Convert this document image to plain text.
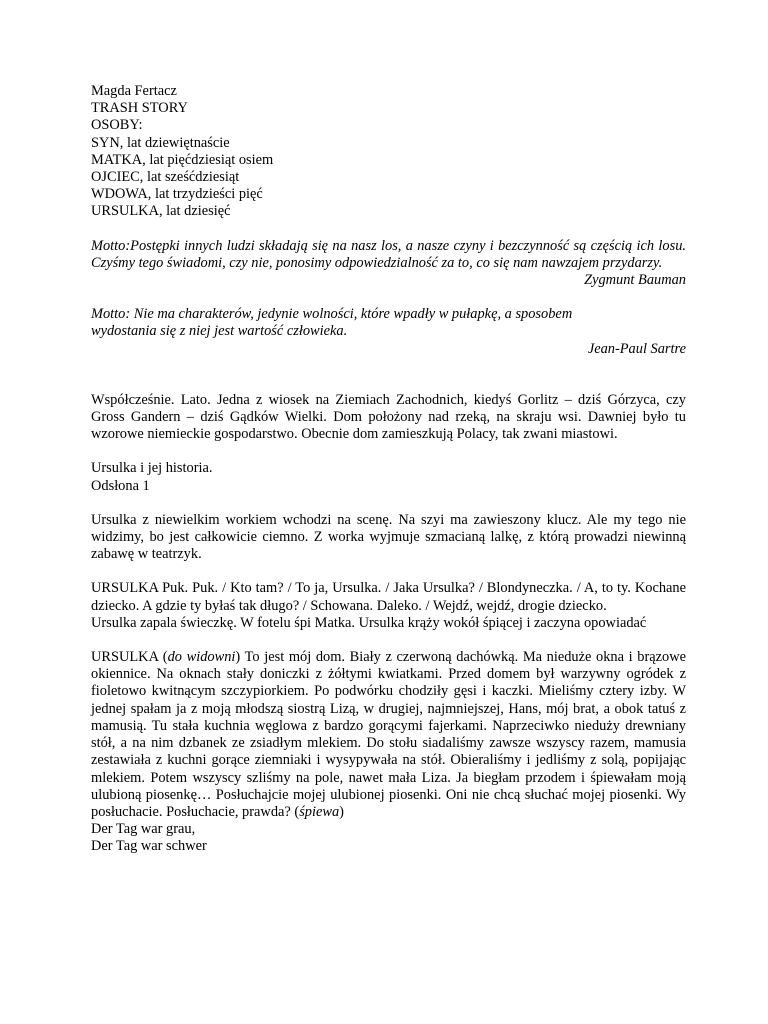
Magda Fertacz
TRASH STORY
OSOBY:
SYN, lat dziewiętnaście
MATKA, lat pięćdziesiąt osiem
OJCIEC, lat sześćdziesiąt
WDOWA, lat trzydzieści pięć
URSULKA, lat dziesięć

Motto:Postępki innych ludzi składają się na nasz los, a nasze czyny i bezczynność są częścią ich losu. Czyśmy tego świadomi, czy nie, ponosimy odpowiedzialność za to, co się nam nawzajem przydarzy.

Zygmunt Bauman

Motto: Nie ma charakterów, jedynie wolności, które wpadły w pułapkę, a sposobem
wydostania się z niej jest wartość człowieka.

Jean-Paul Sartre

Współcześnie. Lato. Jedna z wiosek na Ziemiach Zachodnich, kiedyś Gorlitz – dziś Górzyca, czy Gross Gandern – dziś Gądków Wielki. Dom położony nad rzeką, na skraju wsi. Dawniej było tu wzorowe niemieckie gospodarstwo. Obecnie dom zamieszkują Polacy, tak zwani miastowi.

Ursulka i jej historia.
Odsłona 1

Ursulka z niewielkim workiem wchodzi na scenę. Na szyi ma zawieszony klucz. Ale my tego nie widzimy, bo jest całkowicie ciemno. Z worka wyjmuje szmacianą lalkę, z którą prowadzi niewinną zabawę w teatrzyk.

URSULKA Puk. Puk. / Kto tam? / To ja, Ursulka. / Jaka Ursulka? / Blondyneczka. / A, to ty. Kochane dziecko. A gdzie ty byłaś tak długo? / Schowana. Daleko. / Wejdź, wejdź, drogie dziecko.

Ursulka zapala świeczkę. W fotelu śpi Matka. Ursulka krąży wokół śpiącej i zaczyna opowiadać

URSULKA (do widowni) To jest mój dom. Biały z czerwoną dachówką. Ma nieduże okna i brązowe okiennice. Na oknach stały doniczki z żółtymi kwiatkami. Przed domem był warzywny ogródek z fioletowo kwitnącym szczypiorkiem. Po podwórku chodziły gęsi i kaczki. Mieliśmy cztery izby. W jednej spałam ja z moją młodszą siostrą Lizą, w drugiej, najmniejszej, Hans, mój brat, a obok tatuś z mamusią. Tu stała kuchnia węglowa z bardzo gorącymi fajerkami. Naprzeciwko nieduży drewniany stół, a na nim dzbanek ze zsiadłym mlekiem. Do stołu siadaliśmy zawsze wszyscy razem, mamusia zestawiała z kuchni gorące ziemniaki i wysypywała na stół. Obieraliśmy i jedliśmy z solą, popijając mlekiem. Potem wszyscy szliśmy na pole, nawet mała Liza. Ja biegłam przodem i śpiewałam moją ulubioną piosenkę… Posłuchajcie mojej ulubionej piosenki. Oni nie chcą słuchać mojej piosenki. Wy posłuchacie. Posłuchacie, prawda? (śpiewa)

Der Tag war grau,
Der Tag war schwer
